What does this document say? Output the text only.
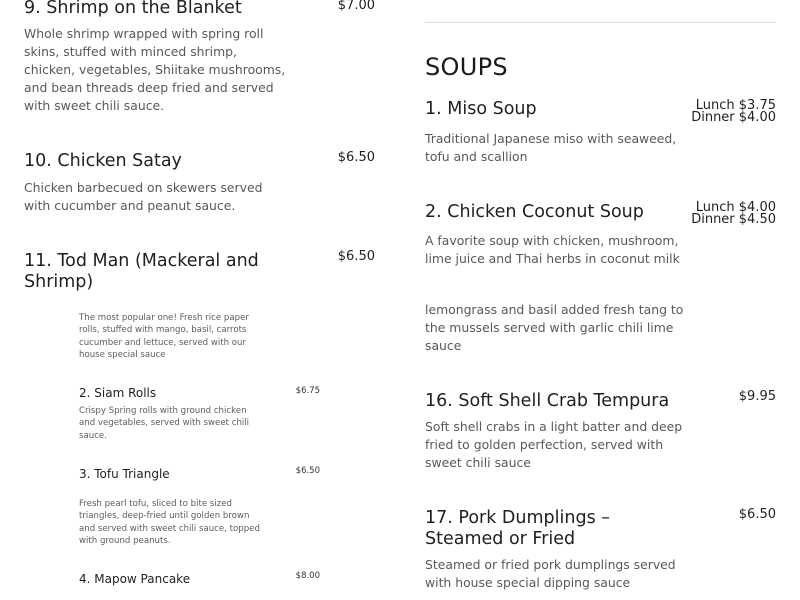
9. Shrimp on the Blanket	$7.00
Whole shrimp wrapped with spring roll skins, stuffed with minced shrimp, chicken, vegetables, Shiitake mushrooms, and bean threads deep fried and served with sweet chili sauce.
10. Chicken Satay	$6.50
Chicken barbecued on skewers served with cucumber and peanut sauce.
11. Tod Man (Mackeral and Shrimp)
$6.50
The most popular one! Fresh rice paper rolls, stuffed with mango, basil, carrots cucumber and lettuce, served with our house special sauce
2. Siam Rolls	$6.75
Crispy Spring rolls with ground chicken and vegetables, served with sweet chili sauce.
3. Tofu Triangle	$6.50
Fresh pearl tofu, sliced to bite sized triangles, deep-fried until golden brown and served with sweet chili sauce, topped with ground peanuts.
4. Mapow Pancake	$8.00
SOUPS
1. Miso Soup	Lunch $3.75
Dinner $4.00
Traditional Japanese miso with seaweed, tofu and scallion
2. Chicken Coconut Soup	Lunch $4.00
Dinner $4.50
A favorite soup with chicken, mushroom, lime juice and Thai herbs in coconut milk
lemongrass and basil added fresh tang to the mussels served with garlic chili lime sauce
16. Soft Shell Crab Tempura	$9.95
Soft shell crabs in a light batter and deep fried to golden perfection, served with sweet chili sauce
17. Pork Dumplings – Steamed or Fried
$6.50
Steamed or fried pork dumplings served with house special dipping sauce
